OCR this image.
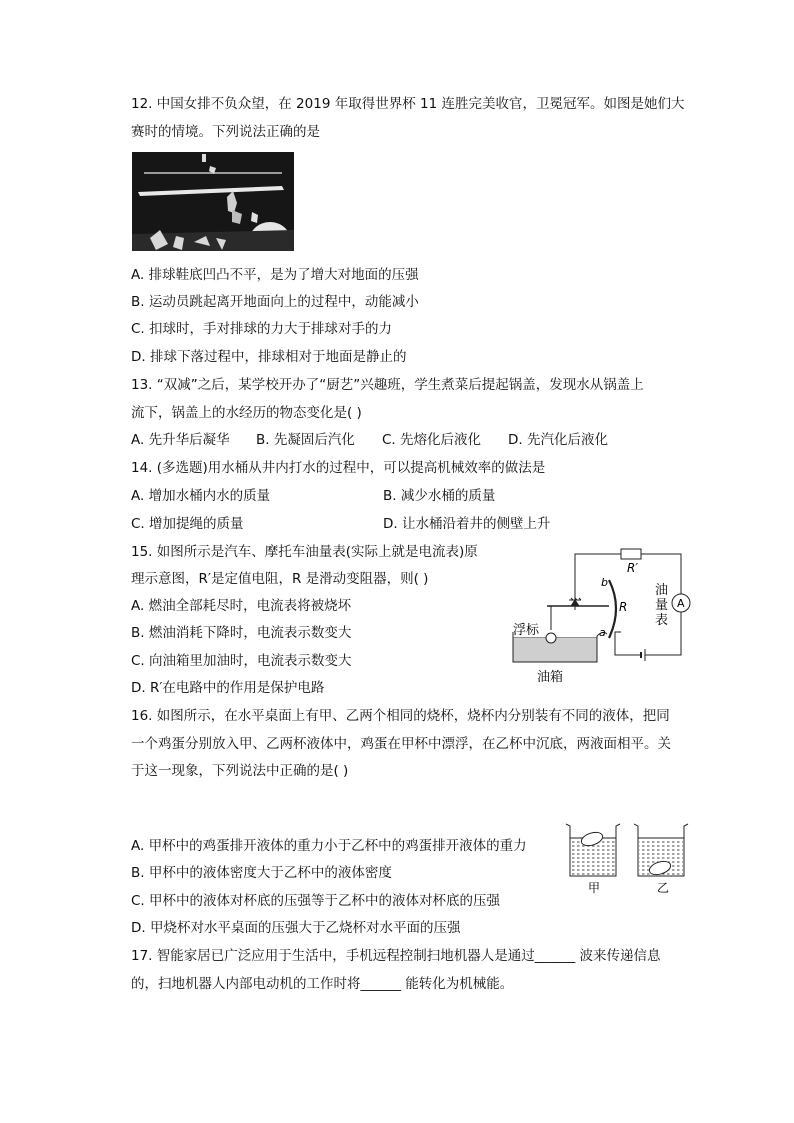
12. 中国女排不负众望，在 2019 年取得世界杯 11 连胜完美收官，卫冕冠军。如图是她们大
赛时的情境。下列说法正确的是
A. 排球鞋底凹凸不平，是为了增大对地面的压强
B. 运动员跳起离开地面向上的过程中，动能减小
C. 扣球时，手对排球的力大于排球对手的力
D. 排球下落过程中，排球相对于地面是静止的
13. “双减”之后，某学校开办了“厨艺”兴趣班，学生煮菜后提起锅盖，发现水从锅盖上
流下，锅盖上的水经历的物态变化是( )
A. 先升华后凝华 B. 先凝固后汽化 C. 先熔化后液化 D. 先汽化后液化
14. (多选题)用水桶从井内打水的过程中，可以提高机械效率的做法是
A. 增加水桶内水的质量	B. 减少水桶的质量
C. 增加提绳的质量	D. 让水桶沿着井的侧壁上升
15. 如图所示是汽车、摩托车油量表(实际上就是电流表)原
理示意图，R′是定值电阻，R 是滑动变阻器，则( )
A. 燃油全部耗尽时，电流表将被烧坏
B. 燃油消耗下降时，电流表示数变大
C. 向油箱里加油时，电流表示数变大
D. R′在电路中的作用是保护电路
R′
b
R
a
浮标
油箱
油
量
表
A
16. 如图所示，在水平桌面上有甲、乙两个相同的烧杯，烧杯内分别装有不同的液体，把同
一个鸡蛋分别放入甲、乙两杯液体中，鸡蛋在甲杯中漂浮，在乙杯中沉底，两液面相平。关
于这一现象，下列说法中正确的是( )
A. 甲杯中的鸡蛋排开液体的重力小于乙杯中的鸡蛋排开液体的重力
B. 甲杯中的液体密度大于乙杯中的液体密度
C. 甲杯中的液体对杯底的压强等于乙杯中的液体对杯底的压强
D. 甲烧杯对水平桌面的压强大于乙烧杯对水平面的压强
甲	乙
17. 智能家居已广泛应用于生活中，手机远程控制扫地机器人是通过______ 波来传递信息
的，扫地机器人内部电动机的工作时将______ 能转化为机械能。
